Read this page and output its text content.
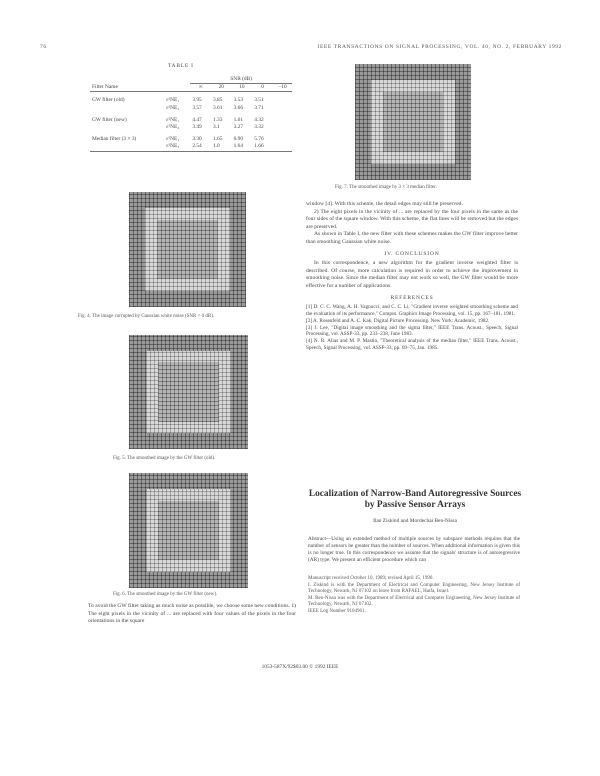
76	IEEE TRANSACTIONS ON SIGNAL PROCESSING, VOL. 40, NO. 2, FEBRUARY 1992
TABLE I
		SNR (dB)				
Filter Name		∞	20	10	0	−10

GW filter (old)	ε²NE₁	3.95	3.85	3.53	3.51	
	ε²NE₂	3.57	3.61	3.66	3.71	

GW filter (new)	ε²NE₁	4.47	1.33	1.61	4.32	
	ε²NE₂	3.49	3.1	3.27	3.32	

Median filter (3 × 3)	ε²NE₁	3.30	1.65	6.90	5.76	
	ε²NE₂	2.54	1.0	1.64	1.66	
Fig. 4. The image corrupted by Gaussian white noise (SNR = 0 dB).
Fig. 5. The smoothed image by the GW filter (old).
Fig. 6. The smoothed image by the GW filter (new).
To avoid the GW filter taking as much noise as possible, we choose some new conditions. 1) The eight pixels in the vicinity of ... are replaced with four values of the pixels in the four orientations in the square
Fig. 7. The smoothed image by 3 × 3 median filter.
window [4]. With this scheme, the detail edges may still be preserved.
2) The eight pixels in the vicinity of ... are replaced by the four pixels in the same as the four sides of the square window. With this scheme, the flat lines will be removed but the edges are preserved.
As shown in Table I, the new filter with these schemes makes the GW filter improve better than smoothing Gaussian white noise.
IV. CONCLUSION
In this correspondence, a new algorithm for the gradient inverse weighted filter is described. Of course, more calculation is required in order to achieve the improvement in smoothing noise. Since the median filter may not work so well, the GW filter would be more effective for a number of applications.
REFERENCES
[1] D. C. C. Wang, A. H. Vagnucci, and C. C. Li, "Gradient inverse weighted smoothing scheme and the evaluation of its performance," Comput. Graphics Image Processing, vol. 15, pp. 167–181, 1981.
[2] A. Rosenfeld and A. C. Kak, Digital Picture Processing. New York: Academic, 1982.
[3] J. Lee, "Digital image smoothing and the sigma filter," IEEE Trans. Acoust., Speech, Signal Processing, vol. ASSP-33, pp. 233–238, June 1983.
[4] N. R. Alias and M. P. Mastin, "Theoretical analysis of the median filter," IEEE Trans. Acoust., Speech, Signal Processing, vol. ASSP-33, pp. 69–75, Jan. 1985.
Localization of Narrow-Band Autoregressive Sources by Passive Sensor Arrays
Ilan Ziskind and Mordechai Ben-Nissa
Abstract—Using an extended method of multiple sources by subspace methods requires that the number of sensors be greater than the number of sources. When additional information is given this is no longer true. In this correspondence we assume that the signals' structure is of autoregressive (AR) type. We present an efficient procedure which can
Manuscript received October 10, 1989; revised April 15, 1990.
I. Ziskind is with the Department of Electrical and Computer Engineering, New Jersey Institute of Technology, Newark, NJ 07102 on leave from RAFAEL, Haifa, Israel.
M. Ben-Nissa was with the Department of Electrical and Computer Engineering, New Jersey Institute of Technology, Newark, NJ 07102.
IEEE Log Number 9104961.
1053-587X/92$03.00 © 1992 IEEE
